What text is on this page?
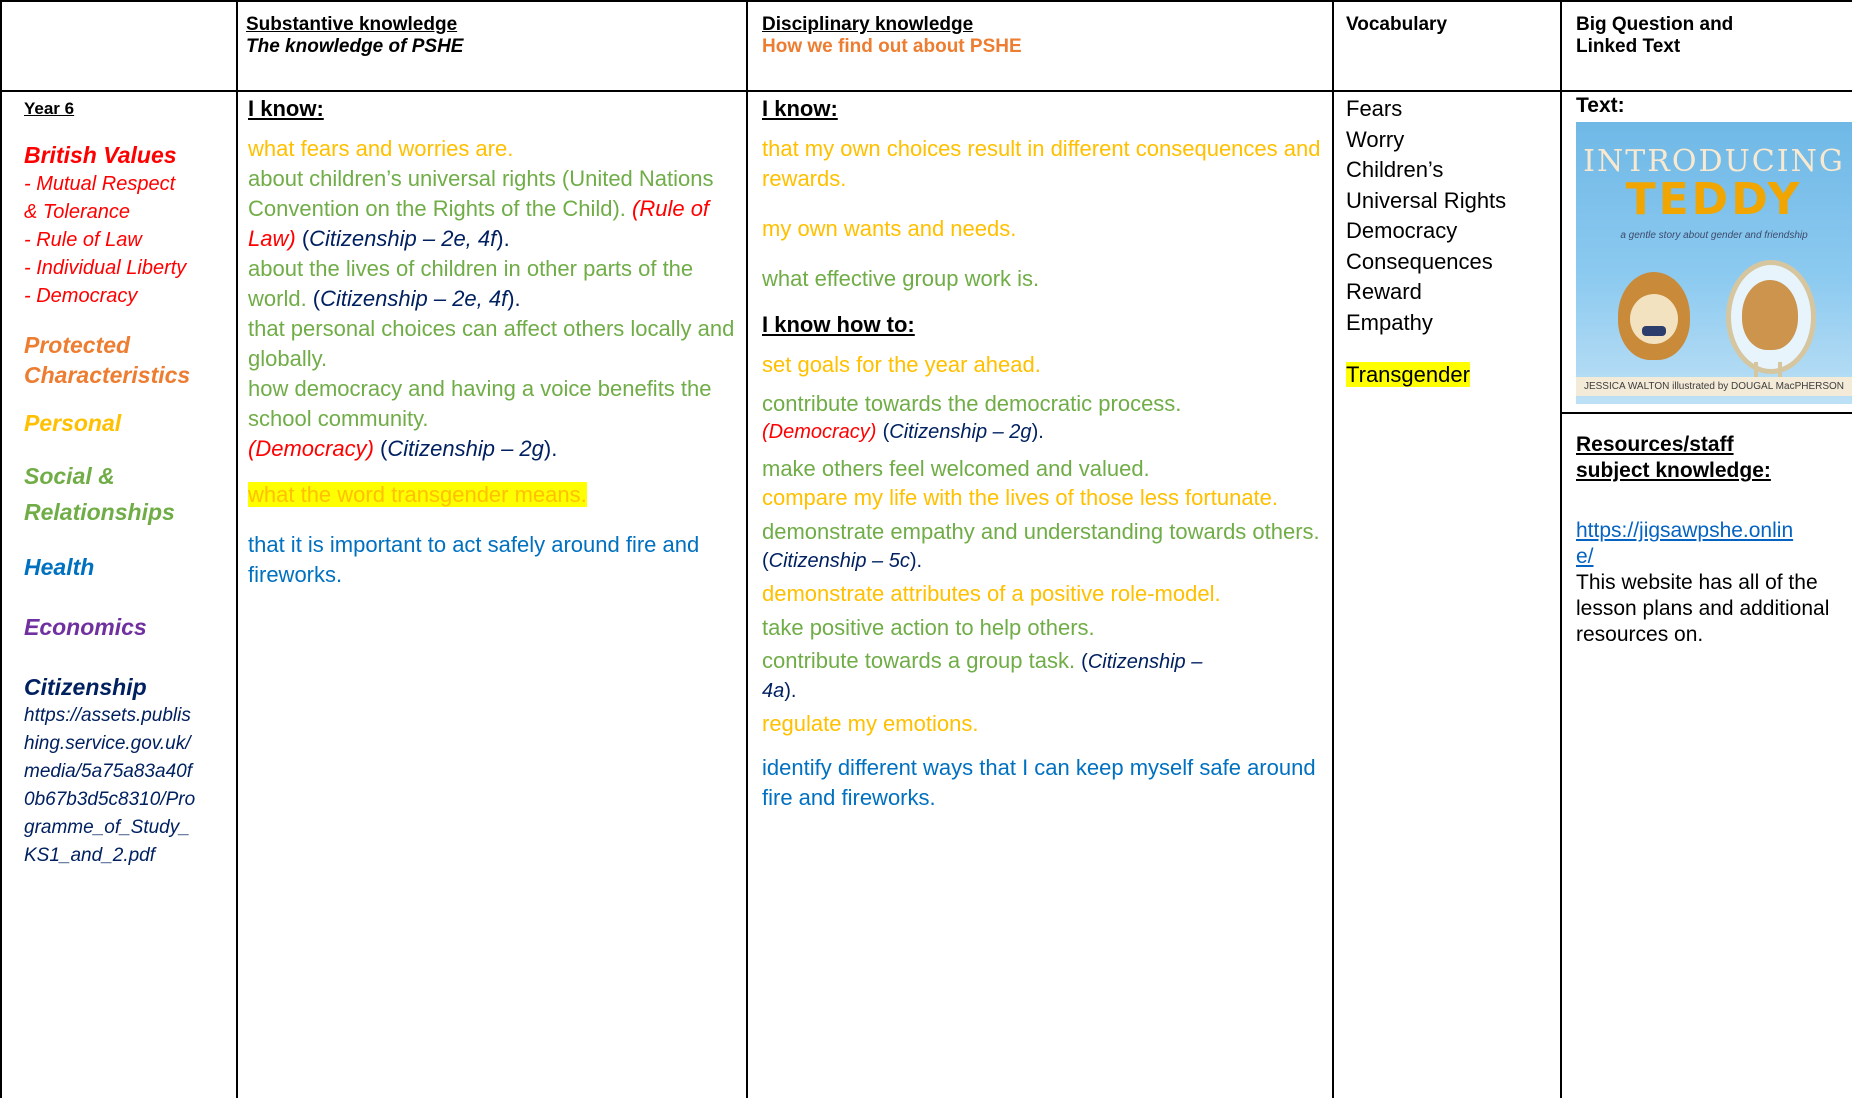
Substantive knowledge
The knowledge of PSHE
Disciplinary knowledge
How we find out about PSHE
Vocabulary	Big Question and
Linked Text
Year 6
British Values
- Mutual Respect
& Tolerance
- Rule of Law
- Individual Liberty
- Democracy
Protected
Characteristics
Personal
Social &
Relationships
Health
Economics
Citizenship
https://assets.publis
hing.service.gov.uk/
media/5a75a83a40f
0b67b3d5c8310/Pro
gramme_of_Study_
KS1_and_2.pdf
I know:

what fears and worries are.

about children’s universal rights (United Nations Convention on the Rights of the Child). (Rule of Law) (Citizenship – 2e, 4f).

about the lives of children in other parts of the world. (Citizenship – 2e, 4f).

that personal choices can affect others locally and globally.

how democracy and having a voice benefits the school community.
(Democracy) (Citizenship – 2g).

what the word transgender means.

that it is important to act safely around fire and fireworks.

I know:

that my own choices result in different consequences and rewards.

my own wants and needs.

what effective group work is.

I know how to:

set goals for the year ahead.

contribute towards the democratic process.
(Democracy) (Citizenship – 2g).

make others feel welcomed and valued.

compare my life with the lives of those less fortunate.

demonstrate empathy and understanding towards others. (Citizenship – 5c).

demonstrate attributes of a positive role-model.

take positive action to help others.

contribute towards a group task. (Citizenship –
4a).

regulate my emotions.

identify different ways that I can keep myself safe around fire and fireworks.

Fears
Worry
Children’s
Universal Rights
Democracy
Consequences
Reward
Empathy
Transgender
Text:
INTRODUCING
TEDDY
a gentle story about gender and friendship
JESSICA WALTON illustrated by DOUGAL MacPHERSON
Resources/staff
subject knowledge:
https://jigsawpshe.onlin
e/
This website has all of the lesson plans and additional resources on.
